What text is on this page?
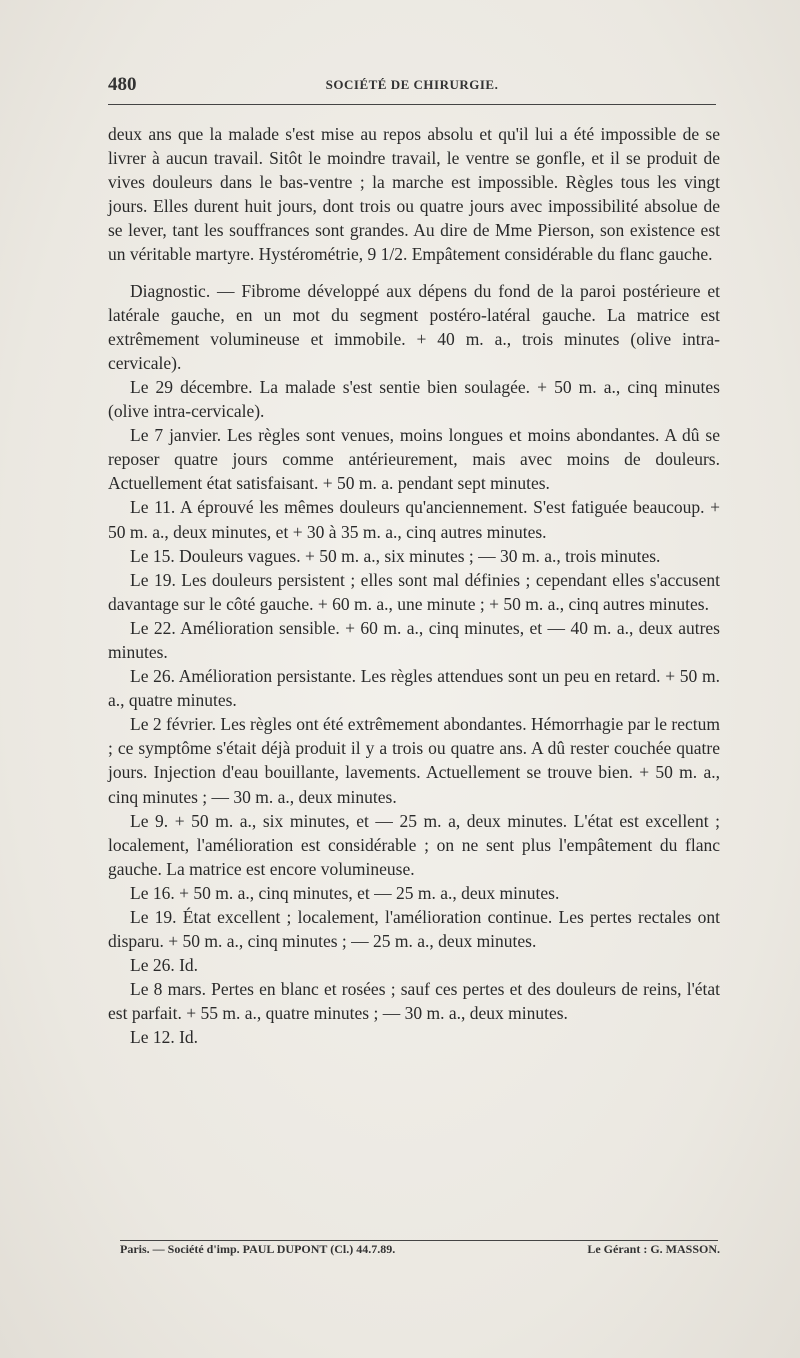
480	SOCIÉTÉ DE CHIRURGIE.

deux ans que la malade s'est mise au repos absolu et qu'il lui a été impossible de se livrer à aucun travail. Sitôt le moindre travail, le ventre se gonfle, et il se produit de vives douleurs dans le bas-ventre ; la marche est impossible. Règles tous les vingt jours. Elles durent huit jours, dont trois ou quatre jours avec impossibilité absolue de se lever, tant les souffrances sont grandes. Au dire de Mme Pierson, son existence est un véritable martyre. Hystérométrie, 9 1/2. Empâtement considérable du flanc gauche.

Diagnostic. — Fibrome développé aux dépens du fond de la paroi postérieure et latérale gauche, en un mot du segment postéro-latéral gauche. La matrice est extrêmement volumineuse et immobile. + 40 m. a., trois minutes (olive intra-cervicale).

Le 29 décembre. La malade s'est sentie bien soulagée. + 50 m. a., cinq minutes (olive intra-cervicale).

Le 7 janvier. Les règles sont venues, moins longues et moins abondantes. A dû se reposer quatre jours comme antérieurement, mais avec moins de douleurs. Actuellement état satisfaisant. + 50 m. a. pendant sept minutes.

Le 11. A éprouvé les mêmes douleurs qu'anciennement. S'est fatiguée beaucoup. + 50 m. a., deux minutes, et + 30 à 35 m. a., cinq autres minutes.

Le 15. Douleurs vagues. + 50 m. a., six minutes ; — 30 m. a., trois minutes.

Le 19. Les douleurs persistent ; elles sont mal définies ; cependant elles s'accusent davantage sur le côté gauche. + 60 m. a., une minute ; + 50 m. a., cinq autres minutes.

Le 22. Amélioration sensible. + 60 m. a., cinq minutes, et — 40 m. a., deux autres minutes.

Le 26. Amélioration persistante. Les règles attendues sont un peu en retard. + 50 m. a., quatre minutes.

Le 2 février. Les règles ont été extrêmement abondantes. Hémorrhagie par le rectum ; ce symptôme s'était déjà produit il y a trois ou quatre ans. A dû rester couchée quatre jours. Injection d'eau bouillante, lavements. Actuellement se trouve bien. + 50 m. a., cinq minutes ; — 30 m. a., deux minutes.

Le 9. + 50 m. a., six minutes, et — 25 m. a, deux minutes. L'état est excellent ; localement, l'amélioration est considérable ; on ne sent plus l'empâtement du flanc gauche. La matrice est encore volumineuse.

Le 16. + 50 m. a., cinq minutes, et — 25 m. a., deux minutes.

Le 19. État excellent ; localement, l'amélioration continue. Les pertes rectales ont disparu. + 50 m. a., cinq minutes ; — 25 m. a., deux minutes.

Le 26. Id.

Le 8 mars. Pertes en blanc et rosées ; sauf ces pertes et des douleurs de reins, l'état est parfait. + 55 m. a., quatre minutes ; — 30 m. a., deux minutes.

Le 12. Id.

Paris. — Société d'imp. PAUL DUPONT (Cl.) 44.7.89.	Le Gérant : G. MASSON.
